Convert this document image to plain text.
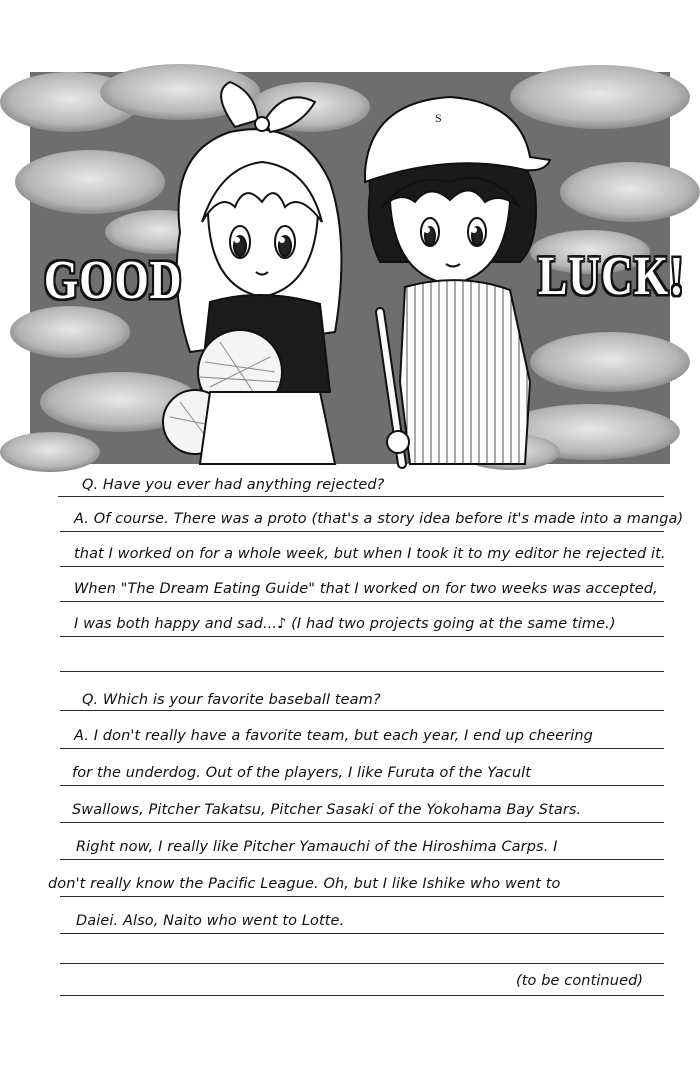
S
GOOD	LUCK!
Q. Have you ever had anything rejected?
A. Of course. There was a proto (that's a story idea before it's made into a manga)
that I worked on for a whole week, but when I took it to my editor he rejected it.
When "The Dream Eating Guide" that I worked on for two weeks was accepted,
I was both happy and sad...♪ (I had two projects going at the same time.)
Q. Which is your favorite baseball team?
A. I don't really have a favorite team, but each year, I end up cheering
for the underdog. Out of the players, I like Furuta of the Yacult
Swallows, Pitcher Takatsu, Pitcher Sasaki of the Yokohama Bay Stars.
Right now, I really like Pitcher Yamauchi of the Hiroshima Carps. I
don't really know the Pacific League. Oh, but I like Ishike who went to
Daiei. Also, Naito who went to Lotte.
(to be continued)
